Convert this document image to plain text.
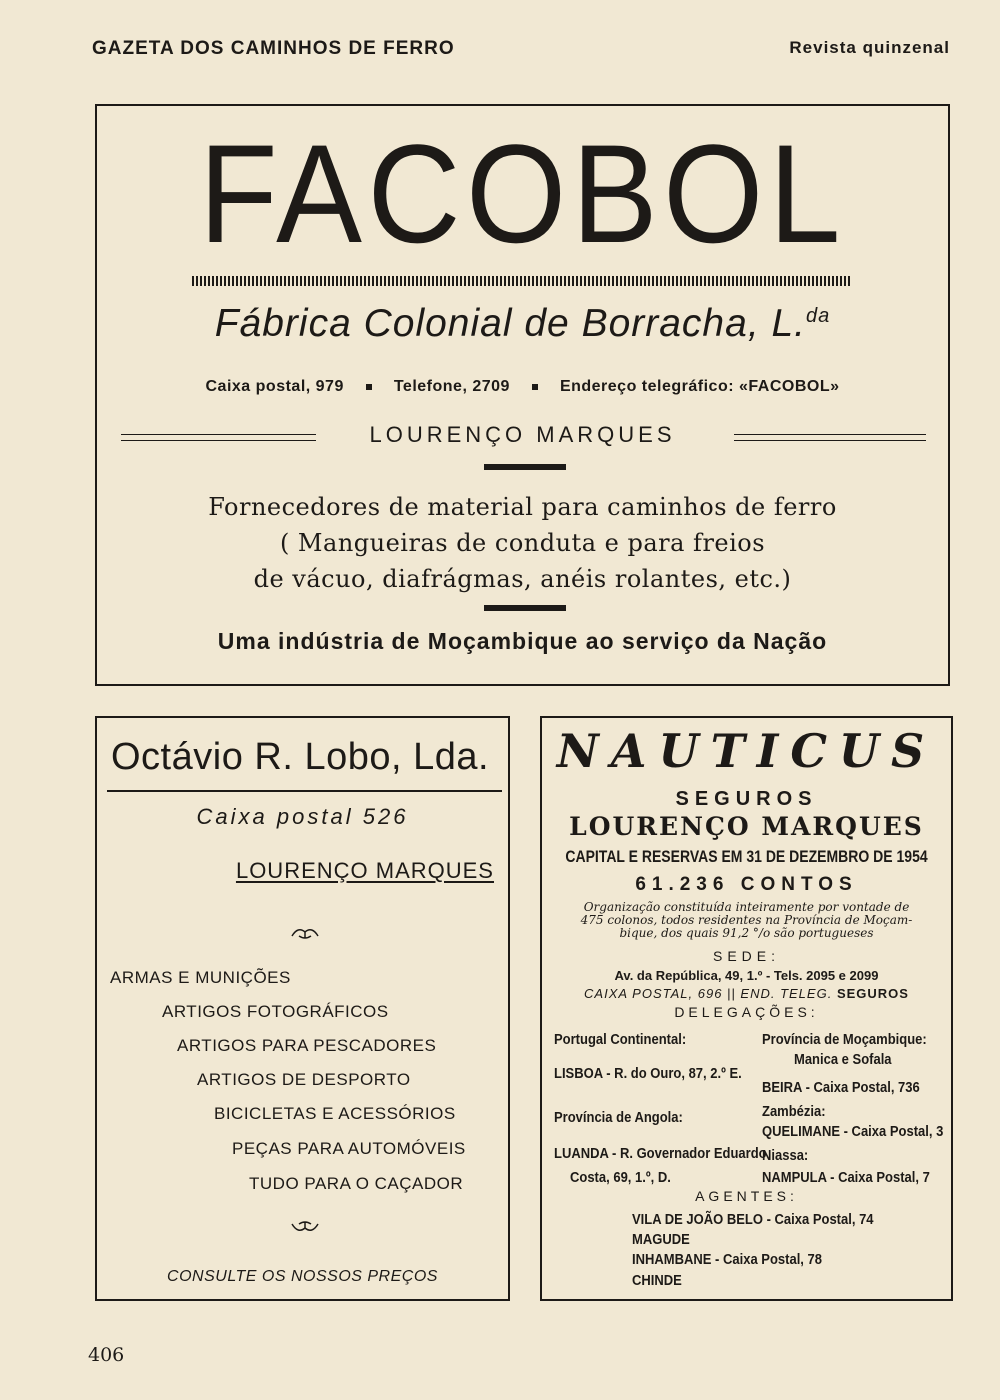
GAZETA DOS CAMINHOS DE FERRO	Revista quinzenal
FACOBOL
Fábrica Colonial de Borracha, L.$^{da}$
Caixa postal, 979	Telefone, 2709	Endereço telegráfico: «FACOBOL»
LOURENÇO MARQUES
Fornecedores de material para caminhos de ferro
( Mangueiras de conduta e para freios
de vácuo, diafrágmas, anéis rolantes, etc.)
Uma indústria de Moçambique ao serviço da Nação
Octávio R. Lobo, Lda.
Caixa postal 526
LOURENÇO MARQUES
ARMAS E MUNIÇÕES
ARTIGOS FOTOGRÁFICOS
ARTIGOS PARA PESCADORES
ARTIGOS DE DESPORTO
BICICLETAS E ACESSÓRIOS
PEÇAS PARA AUTOMÓVEIS
TUDO PARA O CAÇADOR
CONSULTE OS NOSSOS PREÇOS
NAUTICUS
SEGUROS
LOURENÇO MARQUES
CAPITAL E RESERVAS EM 31 DE DEZEMBRO DE 1954
61.236 CONTOS
Organização constituída inteiramente por vontade de
475 colonos, todos residentes na Província de Moçam-
bique, dos quais 91,2 °/o são portugueses
SEDE:
Av. da República, 49, 1.º - Tels. 2095 e 2099
CAIXA POSTAL, 696 || END. TELEG. SEGUROS
DELEGAÇÕES:
Portugal Continental:
LISBOA - R. do Ouro, 87, 2.º E.
Província de Angola:
LUANDA - R. Governador Eduardo
Costa, 69, 1.º, D.
Província de Moçambique:
Manica e Sofala
BEIRA - Caixa Postal, 736
Zambézia:
QUELIMANE - Caixa Postal, 3
Niassa:
NAMPULA - Caixa Postal, 7
AGENTES:
VILA DE JOÃO BELO - Caixa Postal, 74
MAGUDE
INHAMBANE - Caixa Postal, 78
CHINDE
406
